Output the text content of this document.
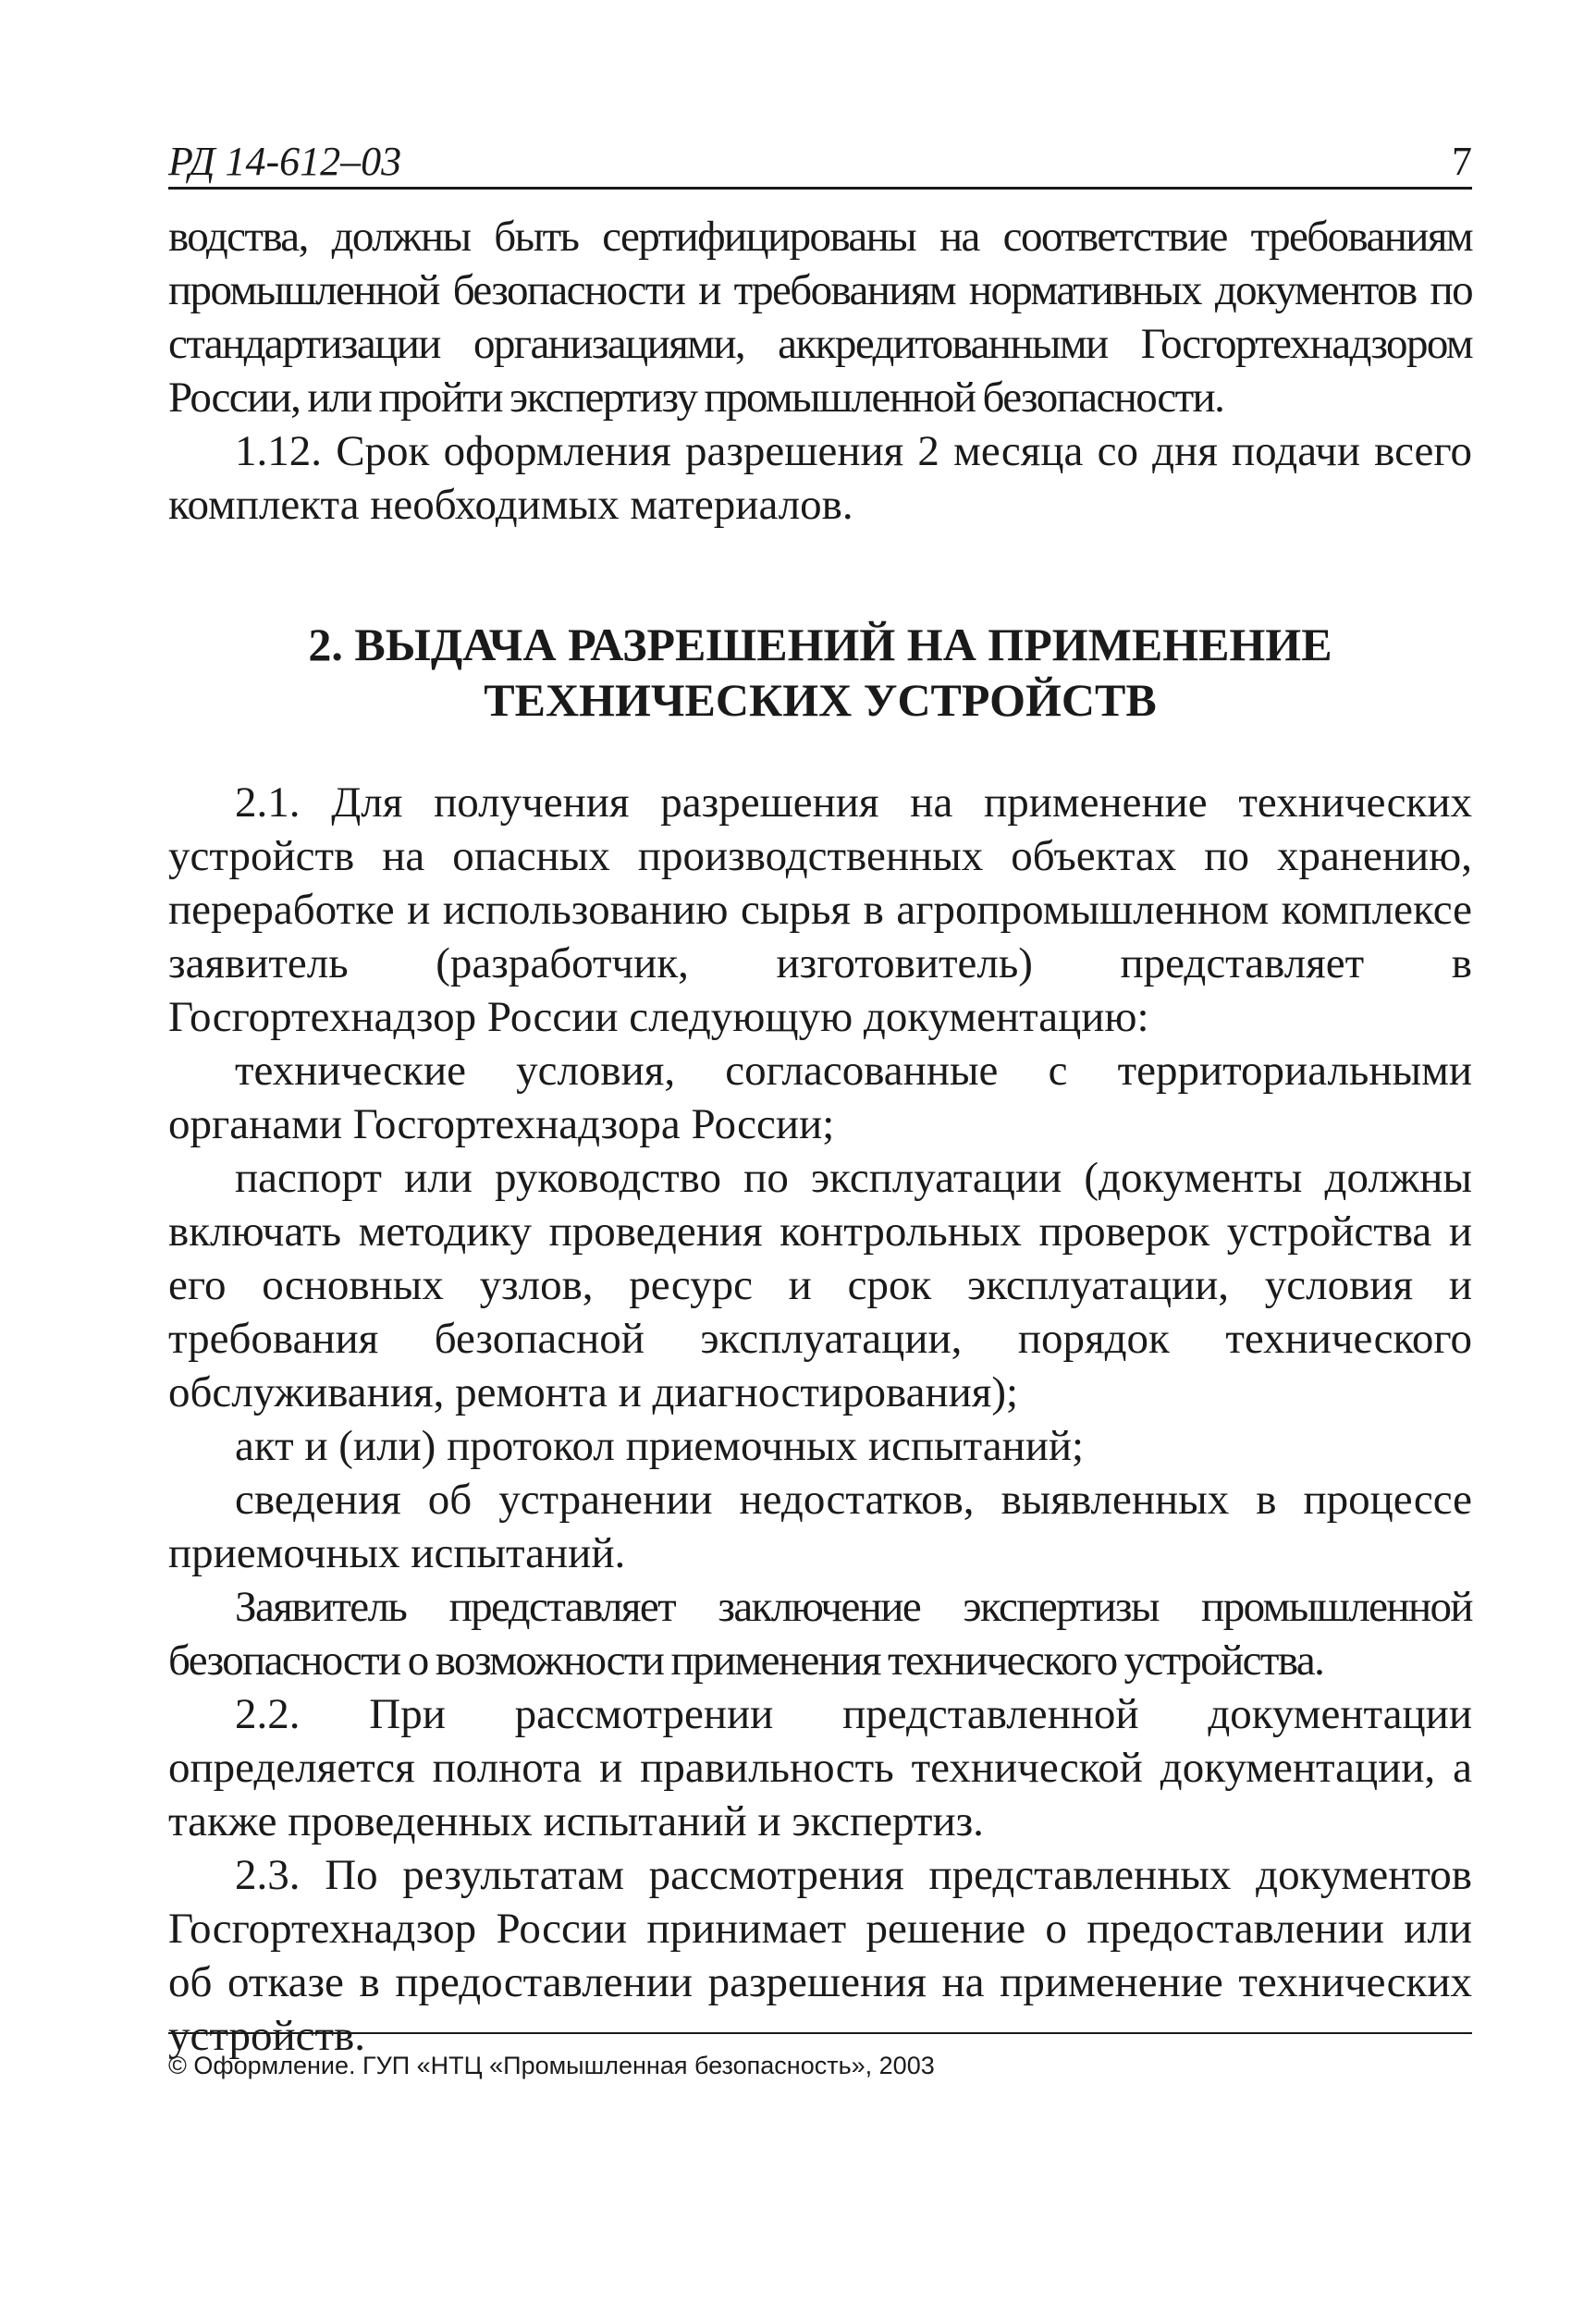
РД 14-612–03	7

водства, должны быть сертифицированы на соответствие требованиям промышленной безопасности и требованиям нормативных документов по стандартизации организациями, аккредитованными Госгортехнадзором России, или пройти экспертизу промышленной безопасности.

1.12. Срок оформления разрешения 2 месяца со дня подачи всего комплекта необходимых материалов.

2. ВЫДАЧА РАЗРЕШЕНИЙ НА ПРИМЕНЕНИЕ
ТЕХНИЧЕСКИХ УСТРОЙСТВ

2.1. Для получения разрешения на применение технических устройств на опасных производственных объектах по хранению, переработке и использованию сырья в агропромышленном комплексе заявитель (разработчик, изготовитель) представляет в Госгортехнадзор России следующую документацию:

технические условия, согласованные с территориальными органами Госгортехнадзора России;

паспорт или руководство по эксплуатации (документы должны включать методику проведения контрольных проверок устройства и его основных узлов, ресурс и срок эксплуатации, условия и требования безопасной эксплуатации, порядок технического обслуживания, ремонта и диагностирования);

акт и (или) протокол приемочных испытаний;

сведения об устранении недостатков, выявленных в процессе приемочных испытаний.

Заявитель представляет заключение экспертизы промышленной безопасности о возможности применения технического устройства.

2.2. При рассмотрении представленной документации определяется полнота и правильность технической документации, а также проведенных испытаний и экспертиз.

2.3. По результатам рассмотрения представленных документов Госгортехнадзор России принимает решение о предоставлении или об отказе в предоставлении разрешения на применение технических устройств.

© Оформление. ГУП «НТЦ «Промышленная безопасность», 2003
